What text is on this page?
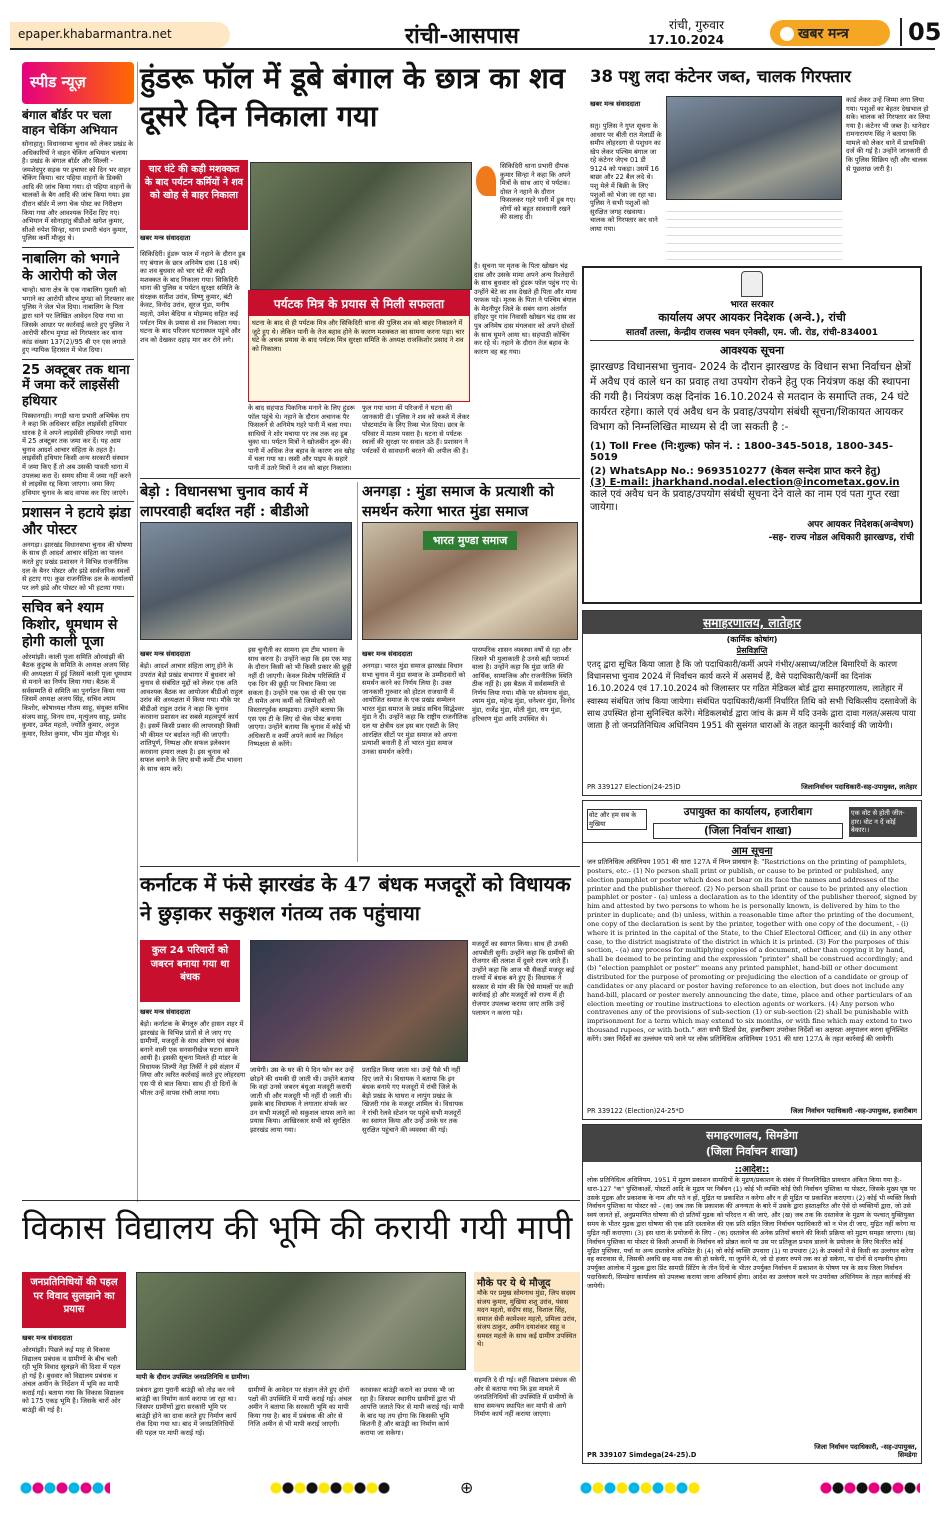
epaper.khabarmantra.net	रांची-आसपास	रांची, गुरुवार
17.10.2024	खबर मन्त्र	05
स्पीड न्यूज़
बंगाल बॉर्डर पर चला वाहन चेकिंग अभियान
सोनाहातु। विधानसभा चुनाव को लेकर प्रखंड के अधिकारियों ने वाहन चेकिंग अभियान चलाया है। प्रखंड के बंगाल बॉर्डर और सिल्ली - जमशेदपुर सड़क पर इचाघर को दिन भर वाहन चेकिंग किया। चार पहिया वाहनों के डिक्की आदि की जांच किया गया। दो पहिया वाहनों के चालकों के बैग आदि की जांच किया गया। इस दौरान बॉर्डर में लगा चेक पोस्ट का निरीक्षण किया गया और आवश्यक निर्देश दिए गए। अभियान में सोनाहातु बीडीओ खगेश कुमार, सीओ रुपेश सिन्हा, थाना प्रभारी चंदन कुमार, पुलिस कर्मी मौजूद थे।
नाबालिग को भगाने के आरोपी को जेल
चान्हो। थाना क्षेत्र के एक नाबालिग युवती को भगाने का आरोपी सौरभ मुण्डा को गिरफ्तार कर पुलिस ने जेल भेज दिया। नाबालिग के पिता द्वारा थाने पर लिखित आवेदन दिया गया था जिसके आधार पर कार्रवाई करते हुए पुलिस ने आरोपी सौरभ मुण्डा को गिरफ्तार कर थाना कांड संख्या 137(2)/95 बी एन एस लगाते हुए न्यायिक हिरासत में भेज दिया।
25 अक्टूबर तक थाना में जमा करें लाइसेंसी हथियार
पिस्कानगड़ी। नगड़ी थाना प्रभारी अभिषेक राय ने कहा कि अधिकार सहित लाइसेंसी हथियार धारक है वे अपने लाइसेंसी हथियार नगड़ी थाना में 25 अक्टूबर तक जमा कर दें। यह आम चुनाव आदर्श आचार संहिता के तहत है। लाइसेंसी हथियार किसी अन्य सरकारी संस्थान में जमा किए हैं तो अब उसकी पावती थाना में उपलब्ध करा दें। समय सीमा में जमा नहीं करने से लाइसेंस रद्द किया जाएगा। जमा किए हथियार चुनाव के बाद वापस कर दिए जाएंगे।
प्रशासन ने हटाये झंडा और पोस्टर
अनगड़ा। झारखंड विधानसभा चुनाव की घोषणा के साथ ही आदर्श आचार संहिता का पालन करते हुए प्रखंड प्रशासन ने विभिन्न राजनीतिक दल के बैनर पोस्टर और झंडे सार्वजनिक स्थलों से हटाए गए। कुछ राजनीतिक दल के कार्यालयों पर लगे झंडे और पोस्टर को भी हटाया गया।
सचिव बने श्याम किशोर, धूमधाम से होगी काली पूजा
ओरमांझी। काली पूजा समिति ओरमांझी की बैठक कुटुम्ब के समिति के अध्यक्ष अजय सिंह की अध्यक्षता में हुई जिसमें काली पूजा धूमधाम से मनाने का निर्णय लिया गया। बैठक में सर्वसम्मति से समिति का पुनर्गठन किया गया जिसमें अध्यक्ष अजय सिंह, सचिव श्याम किशोर, कोषाध्यक्ष गौतम साहू, संयुक्त सचिव संजय साहू, विनय राम, मृत्युंजय साहू, प्रमोद कुमार, उमेश महतो, ज्योति कुमार, अनुज कुमार, रितेश कुमार, भीम मुंडा मौजूद थे।
हुंडरू फॉल में डूबे बंगाल के छात्र का शव दूसरे दिन निकाला गया
चार घंटे की कड़ी मशक्कत के बाद पर्यटन कर्मियों ने शव को खोह से बाहर निकाला
खबर मन्त्र संवाददाता
सिकिदिरी थाना प्रभारी दीपक कुमार सिन्हा ने कहा कि अपने मित्रों के साथ आए थे पर्यटक। दोस्त ने नहाने के दौरान फिसलकर गहरे पानी में डूब गए। लोगों को बहुत सावधानी रखने की सलाह दी।
सिकिदिरी। हुंडरू फाल में नहाने के दौरान डूब गए बंगाल के छात्र अनिमेष दास (18 वर्ष) का शव बुधवार को चार घंटे की कड़ी मशक्कत के बाद निकाला गया। सिकिदिरी थाना की पुलिस व पर्यटन सुरक्षा समिति के संरक्षक सतीश उरांव, विष्णु कुमार, बंटी केवट, विनोद उरांव, सूरज मुंडा, मनीष महतो, उमेश बेदिया व मोहम्मद सहित कई पर्यटन मित्र के प्रयास से शव निकाला गया। घटना के बाद परिजन घटनास्थल पहुंचे और शव को देखकर दहाड़ मार कर रोने लगे।
पर्यटक मित्र के प्रयास से मिली सफलता
घटना के बाद से ही पर्यटक मित्र और सिकिदिरी थाना की पुलिस शव को बाहर निकालने में जुटे हुए थे। लेकिन पानी के तेज बहाव होने के कारण मशक्कत का सामना करना पड़ा। चार घंटे के अथक प्रयास के बाद पर्यटक मित्र सुरक्षा समिति के अध्यक्ष राजकिशोर प्रसाद ने शव को निकाला।
के बाद सहपाठ पिकनिक मनाने के लिए हुंडरू फॉल पहुंचे थे। नहाने के दौरान अचानक पैर फिसलने से अनिमेष गहरे पानी में चला गया। साथियों ने शोर मचाया पर तब तक वह डूब चुका था। पर्यटन मित्रों ने खोजबीन शुरू की। पानी में अधिक तेज बहाव के कारण शव खोह में चला गया था। रस्सी और पाइप के सहारे पानी में उतरे मित्रों ने शव को बाहर निकाला।
फुल गया थाना में परिजनों ने घटना की जानकारी दी। पुलिस ने शव को कब्जे में लेकर पोस्टमार्टम के लिए रिम्स भेज दिया। छात्र के परिवार में मातम पसरा है। घटना से पर्यटक स्थलों की सुरक्षा पर सवाल उठे हैं। प्रशासन ने पर्यटकों से सावधानी बरतने की अपील की है।
है। सूचना पर मृतक के पिता खोखन चंद्र दास और उसके मामा अपने अन्य रिश्तेदारों के साथ बुधवार को हुंडरू फॉल पहुंच गए थे। उन्होंने बेटे का शव देखते ही पिता और मामा फफक पड़े। मृतक के पिता ने पश्चिम बंगाल के मेदनीपुर जिले के सबंग थाना अंतर्गत हरिहर पुर गांव निवासी खोखन चंद्र दास का पुत्र अनिमेष दास मंगलवार को अपने दोस्तों के साथ घूमने आया था। सहपाठी कोचिंग कर रहे थे। नहाने के दौरान तेज बहाव के कारण वह बह गया।
बेड़ो : विधानसभा चुनाव कार्य में लापरवाही बर्दाश्त नहीं : बीडीओ
खबर मन्त्र संवाददाता
बेड़ो। आदर्श आचार संहिता लागू होने के उपरांत बेड़ो प्रखंड सभागार में बुधवार को चुनाव से संबंधित मुद्दों को लेकर एक अति आवश्यक बैठक का आयोजन बीडीओ राहुल उरांव की अध्यक्षता में किया गया। मौके पर बीडीओ राहुल उरांव ने कहा कि चुनाव करवाना प्रशासन का सबसे महत्वपूर्ण कार्य है। इसमें किसी प्रकार की लापरवाही किसी भी कीमत पर बर्दाश्त नहीं की जाएगी। शांतिपूर्ण, निष्पक्ष और सफल इलेक्शन करवाना हमारा लक्ष्य है। इस चुनाव को सफल बनाने के लिए सभी कर्मी टीम भावना के साथ काम करें।
इस चुनौती का सामना हम टीम भावना के साथ करना है। उन्होंने कहा कि इस एक माह के दौरान किसी को भी किसी प्रकार की छुट्टी नहीं दी जाएगी। केवल विशेष परिस्थिति में एक दिन की छुट्टी पर विचार किया जा सकता है। उन्होंने एक एक दो की एस एस टी समेत अन्य कर्मी को जिम्मेदारी को विस्तारपूर्वक समझाया। उन्होंने बताया कि एस एस टी के लिए दो चेक पोस्ट बनाया जाएगा। उन्होंने बताया कि चुनाव में कोई भी अधिकारी व कर्मी अपने कार्य का निर्वहन निष्पक्षता से करेंगे।
अनगड़ा : मुंडा समाज के प्रत्याशी को समर्थन करेगा भारत मुंडा समाज
भारत मुण्डा समाज
खबर मन्त्र संवाददाता
अनगड़ा। भारत मुंडा समाज झारखंड विधान सभा चुनाव में मुंडा समाज के उम्मीदवारों को समर्थन करने का निर्णय लिया है। उक्त जानकारी गुरुवार को होटल राजधानी में आयोजित समाज के एक प्रखंड सम्मेलन भारत मुंडा समाज के प्रखंड सचिव सिद्धेश्वर मुंडा ने दी। उन्होंने कहा कि राष्ट्रीय राजनीतिक दल या क्षेत्रीय दल इस बार एसटी के लिए आरक्षित सीटों पर मुंडा समाज को अपना प्रत्याशी बनाती है तो भारत मुंडा समाज उनका समर्थन करेगी।
पारम्परिक शासन व्यवस्था वर्षों से रहा और जिसने भी मुलाकाती है उनसे बड़ी परामर्श वाला है। उन्होंने कहा कि मुंडा जाति की आर्थिक, सामाजिक और राजनीतिक स्थिति ठीक नहीं है। इस बैठक में सर्वसम्मति से निर्णय लिया गया। मौके पर सोमनाथ मुंडा, श्याम मुंडा, महेन्द्र मुंडा, धनेश्वर मुंडा, विनोद मुंडा, राजेंद्र मुंडा, मोती मुंडा, राम मुंडा, हरिचरण मुंडा आदि उपस्थित थे।
कर्नाटक में फंसे झारखंड के 47 बंधक मजदूरों को विधायक ने छुड़ाकर सकुशल गंतव्य तक पहुंचाया
कुल 24 परिवारों को जबरन बनाया गया था बंधक
खबर मन्त्र संवाददाता
बेड़ो। कर्नाटक के बेंगलुरु और हासन शहर में झारखंड के विभिन्न प्रांतों से ले जाए गए ग्रामीणों, मजदूरों के साथ शोषण एवं बंधक बनाने वाली एक सनसनीखेज घटना सामने आयी है। इसकी सूचना मिलते ही मांडर के विधायक शिल्पी नेहा तिर्की ने इसे संज्ञान में लिया और त्वरित कार्रवाई करते हुए लोहरदगा एस पी से बात किया। साथ ही दो दिनों के भीतर उन्हें वापस रांची लाया गया।
जायेगी। उस के घर की ये दिन फोन कर उन्हें छोड़ने की धमकी दी जाती थी। उन्होंने बताया कि वहां उनसे जबरन बंधुआ मजदूरी करायी जाती थी और मजदूरी भी नहीं दी जाती थी। इसके बाद विधायक ने लगातार संपर्क कर उन सभी मजदूरों को सकुशल वापस लाने का प्रयास किया। आखिरकार सभी को सुरक्षित झारखंड लाया गया।
प्रताड़ित किया जाता था। उन्हें पैसे भी नहीं दिए जाते थे। विधायक ने बताया कि इन बंधक बनाये गए मजदूरों में रांची जिले के बेड़ो प्रखंड के घाघरा व लापुंग प्रखंड के खिजरी गांव के मजदूर शामिल थे। विधायक ने रांची रेलवे स्टेशन पर पहुंचे सभी मजदूरों का स्वागत किया और उन्हें उनके घर तक सुरक्षित पहुंचाने की व्यवस्था की गई।
मजदूरों का स्वागत किया। साथ ही उनकी आपबीती सुनीं। उन्होंने कहा कि ग्रामीणों की रोजगार की तलाश में दूसरे राज्य जाते हैं। उन्होंने कहा कि आज भी सैकड़ों मजदूर कई राज्यों में बंधक बने हुए हैं। विधायक ने सरकार से मांग की कि ऐसे मामलों पर कड़ी कार्रवाई हो और मजदूरों को राज्य में ही रोजगार उपलब्ध कराया जाए ताकि उन्हें पलायन न करना पड़े।
विकास विद्यालय की भूमि की करायी गयी मापी
जनप्रतिनिधियों की पहल पर विवाद सुलझाने का प्रयास
खबर मन्त्र संवाददाता
ओरमांझी। पिछले कई माह से विकास विद्यालय प्रबंधक व ग्रामीणों के बीच चली रही भूमि विवाद सुलझने की दिशा में पहल हो गई है। बुधवार को विद्यालय प्रबंधक व अंचल अमीन के निर्देशन में भूमि का मापी कराई गई। बताया गया कि विकास विद्यालय को 175 एकड़ भूमि है। जिसके चारों ओर बाउंड्री की गई है।
मापी के दौरान उपस्थित जनप्रतिनिधि व ग्रामीण।
प्रबंधन द्वारा पुरानी बाउंड्री को तोड़ कर नये बाउंड्री का निर्माण कार्य कराया जा रहा था। जिसपर ग्रामीणों द्वारा सरकारी भूमि पर बाउंड्री होने का दावा करते हुए निर्माण कार्य रोक दिया गया था। बाद में जनप्रतिनिधियों की पहल पर मापी कराई गई।
ग्रामीणों के आवेदन पर संज्ञान लेते हुए दोनों पक्षों की उपस्थिति में मापी कराई गई। अंचल अमीन ने बताया कि सरकारी भूमि का मापी किया गया है। बाद में प्रबंधक की ओर से निजि अमीन से भी मापी कराई जाएगी।
करवाकर बाउंड्री कराने का प्रयास भी जा रहा है। जिसपर स्थानीय ग्रामीणों द्वारा भी आपत्ति जताते फिर से मापी कराई गई। मापी के बाद यह तय होगा कि किसकी भूमि कितनी है और बाउंड्री का निर्माण कार्य कराया जा सकेगा।
मौके पर ये थे मौजूद
मौके पर प्रमुख सोमनाथ मुंडा, जिप सदस्य संजय कुमार, मुखिया शशु उरांव, पंसस मदन महतो, संदीप साह, विशाल सिंह, समाज सेवी कामेश्वर महतो, प्रमिला उरांव, संजय ठाकुर, अमीन दयाशंकर साहू व समस्त महतो के साथ कई ग्रामीण उपस्थित थे।
सहमति दे दी गई। वहीं विद्यालय प्रबंधक की ओर से बताया गया कि इस मामले में जनप्रतिनिधियों की उपस्थिति में ग्रामीणों के साथ समन्वय स्थापित कर मापी से आगे निर्माण कार्य नहीं कराया जाएगा।
38 पशु लदा कंटेनर जब्त, चालक गिरफ्तार
खबर मन्त्र संवाददाता
सतु। पुलिस ने गुप्त सूचना के आधार पर बीती रात मेलार्डी के समीप लोहरदगा से पशुधन का खेप लेकर पश्चिम बंगाल जा रहे कंटेनर जेएच 01 डी 9124 को पकड़ा। उसमें 16 बाछा और 22 बैल लदे थे। पशु मेले में बिक्री के लिए पशुओं को भेजा जा रहा था। पुलिस ने सभी पशुओं को सुरक्षित जगह रखवाया। चालक को गिरफ्तार कर थाने लाया गया।
कार्ड लेकर उन्हें जिम्मा लगा लिया गया। पशुओं का बेहतर देखभाल हो सके। चालक को गिरफ्तार कर लिया गया है। कंटेनर भी जब्त है। थानेदार रामनारायण सिंह ने बताया कि मामले को लेकर थाने में प्राथमिकी दर्ज की गई है। उन्होंने जानकारी दी कि पुलिस सिक्रिय रही और चालक से पूछताछ जारी है।
भारत सरकार
कार्यालय अपर आयकर निदेशक (अन्वे.), रांची
सातवाँ तल्ला, केन्द्रीय राजस्व भवन एनेक्सी, एम. जी. रोड, रांची-834001
आवश्यक सूचना
झारखण्ड विधानसभा चुनाव- 2024 के दौरान झारखण्ड के विधान सभा निर्वाचन क्षेत्रों में अवैध एवं काले धन का प्रवाह तथा उपयोग रोकने हेतु एक नियंत्रण कक्ष की स्थापना की गयी है। नियंत्रण कक्ष दिनांक 16.10.2024 से मतदान के समाप्ति तक, 24 घंटे कार्यरत रहेगा। काले एवं अवैध धन के प्रवाह/उपयोग संबंधी सूचना/शिकायत आयकर विभाग को निम्नलिखित माध्यम से दी जा सकती है :-
(1) Toll Free (नि:शुल्क) फोन नं. : 1800-345-5018, 1800-345-5019
(2) WhatsApp No.: 9693510277 (केवल सन्देश प्राप्त करने हेतु)
(3) E-mail: jharkhand.nodal.election@incometax.gov.in
काले एवं अवैध धन के प्रवाह/उपयोग संबंधी सूचना देने वाले का नाम एवं पता गुप्त रखा जायेगा।
अपर आयकर निदेशक(अन्वेषण)
-सह- राज्य नोडल अधिकारी झारखण्ड, रांची
समाहरणालय, लातेहार
(कार्मिक कोषांग)
प्रेसविज्ञप्ति
एतद् द्वारा सूचित किया जाता है कि जो पदाधिकारी/कर्मी अपने गंभीर/असाध्य/जटिल बिमारियों के कारण विधानसभा चुनाव 2024 में निर्वाचन कार्य करने में असमर्थ हैं, वैसे पदाधिकारी/कर्मी का दिनांक 16.10.2024 एवं 17.10.2024 को जिलास्तर पर गठित मेडिकल बोर्ड द्वारा समाहरणालय, लातेहार में स्वास्थ्य संबंधित जांच किया जायेगा। संबंधित पदाधिकारी/कर्मी निर्धारित तिथि को सभी चिकित्सीय दस्तावेजों के साथ उपस्थित होना सुनिश्चित करेंगे। मेडिकलबोर्ड द्वारा जांच के क्रम में यदि उनके द्वारा दावा गलत/असत्य पाया जाता है तो जनप्रतिनिधित्व अधिनियम 1951 की सुसंगत धाराओं के तहत कानूनी कार्रवाई की जायेगी।
PR 339127 Election(24-25)D	जिलानिर्वाचन पदाधिकारी-सह-उपायुक्त, लातेहार
वोट और हम सब के मुखिया
उपायुक्त का कार्यालय, हजारीबाग
(जिला निर्वाचन शाखा)
एक वोट से होती जीत-हार। वोट न दें कोई बेकार।।
आम सूचना
जन प्रतिनिधित्व अधिनियम 1951 की धारा 127A में निम्न प्रावधान है: "Restrictions on the printing of pamphlets, posters, etc.- (1) No person shall print or publish, or cause to be printed or published, any election pamphlet or poster which does not bear on its face the names and addresses of the printer and the publisher thereof. (2) No person shall print or cause to be printed any election pamphlet or poster - (a) unless a declaration as to the identity of the publisher thereof, signed by him and attested by two persons to whom he is personally known, is delivered by him to the printer in duplicate; and (b) unless, within a reasonable time after the printing of the document, one copy of the declaration is sent by the printer, together with one copy of the document, - (i) where it is printed in the capital of the State, to the Chief Electoral Officer, and (ii) in any other case, to the district magistrate of the district in which it is printed. (3) For the purposes of this section, - (a) any process for multiplying copies of a document, other than copying it by hand, shall be deemed to be printing and the expression "printer" shall be construed accordingly; and (b) "election pamphlet or poster" means any printed pamphlet, hand-bill or other document distributed for the purpose of promoting or prejudicing the election of a candidate or group of candidates or any placard or poster having reference to an election, but does not include any hand-bill, placard or poster merely announcing the date, time, place and other particulars of an election meeting or routine instructions to election agents or workers. (4) Any person who contravenes any of the provisions of sub-section (1) or sub-section (2) shall be punishable with imprisonment for a term which may extend to six months, or with fine which may extend to two thousand rupees, or with both." अतः सभी प्रिंटर्स प्रेस, हजारीबाग उपरोक्त निर्देशों का अक्षरशः अनुपालन करना सुनिश्चित करेंगे। उक्त निर्देशों का उल्लंघन पाये जाने पर लोक प्रतिनिधित्व अधिनियम 1951 की धारा 127A के तहत कार्रवाई की जायेगी।
PR 339122 (Election)24-25*D	जिला निर्वाचन पदाधिकारी -सह-उपायुक्त, हजारीबाग
समाहरणालय, सिमडेगा
(जिला निर्वाचन शाखा)
::आदेश::
लोक प्रतिनिधित्व अधिनियम, 1951 में मुद्रण प्रकाशन सामग्रियों के मुद्रण/प्रकाशन के संबंध में निम्नलिखित प्रावधान अंकित किया गया है:- धारा-127 "क" पुस्तिकाओं, पोस्टरों आदि के मुद्रण पर निर्बंधन (1) कोई भी व्यक्ति कोई ऐसी निर्वाचन पुस्तिका या पोस्टर, जिसके मुख्य पृष्ठ पर उसके मुद्रक और प्रकाशक के नाम और पते न हों, मुद्रित या प्रकाशित न करेगा और न ही मुद्रित या प्रकाशित कराएगा। (2) कोई भी व्यक्ति किसी निर्वाचन पुस्तिका या पोस्टर को - (क) जब तक कि प्रकाशक की अनन्यता के बारे में उसके द्वारा हस्ताक्षरित और ऐसे दो व्यक्तियों द्वारा, जो उसे स्वयं जानते हों, अनुप्रमाणित घोषणा की दो प्रतियाँ मुद्रक को परिदत्त न की जाएं, और (ख) जब तक कि दस्तावेज के मुद्रण के पश्चात् युक्तियुक्त समय के भीतर मुद्रक द्वारा घोषणा की एक प्रति दस्तावेज की एक प्रति सहित जिला निर्वाचन पदाधिकारी को न भेज दी जाए, मुद्रित नहीं करेगा या मुद्रित नहीं कराएगा। (3) इस धारा के प्रयोजनों के लिए - (क) दस्तावेज की अनेक प्रतियाँ बनाने की किसी प्रक्रिया को मुद्रण समझा जाएगा। (ख) निर्वाचन पुस्तिका या पोस्टर से किसी अभ्यर्थी के निर्वाचन को प्रोन्नत करने या उस पर प्रतिकूल प्रभाव डालने के प्रयोजन के लिए वितरित कोई मुद्रित पुस्तिका, पर्चा या अन्य दस्तावेज अभिप्रेत है। (4) जो कोई व्यक्ति उपधारा (1) या उपधारा (2) के उपबंधों में से किसी का उल्लंघन करेगा वह कारावास से, जिसकी अवधि छह मास तक की हो सकेगी, या जुर्माने से, जो दो हजार रुपये तक का हो सकेगा, या दोनों से दण्डनीय होगा। उपर्युक्त आलोक में मुद्रक द्वारा प्रिंट सामग्री प्रिंटिंग के तीन दिनों के भीतर उपर्युक्त निर्वाचन में प्रकाशन के पोषण पत्र के साथ जिला निर्वाचन पदाधिकारी, सिमडेगा कार्यालय को उपलब्ध कराया जाना अनिवार्य होगा। आदेश का उल्लंघन करने पर उपरोक्त अधिनियम के तहत कार्रवाई की जायेगी।
PR 339107 Simdega(24-25).D
जिला निर्वाचन पदाधिकारी, -सह-उपायुक्त, सिमडेगा
⊕
